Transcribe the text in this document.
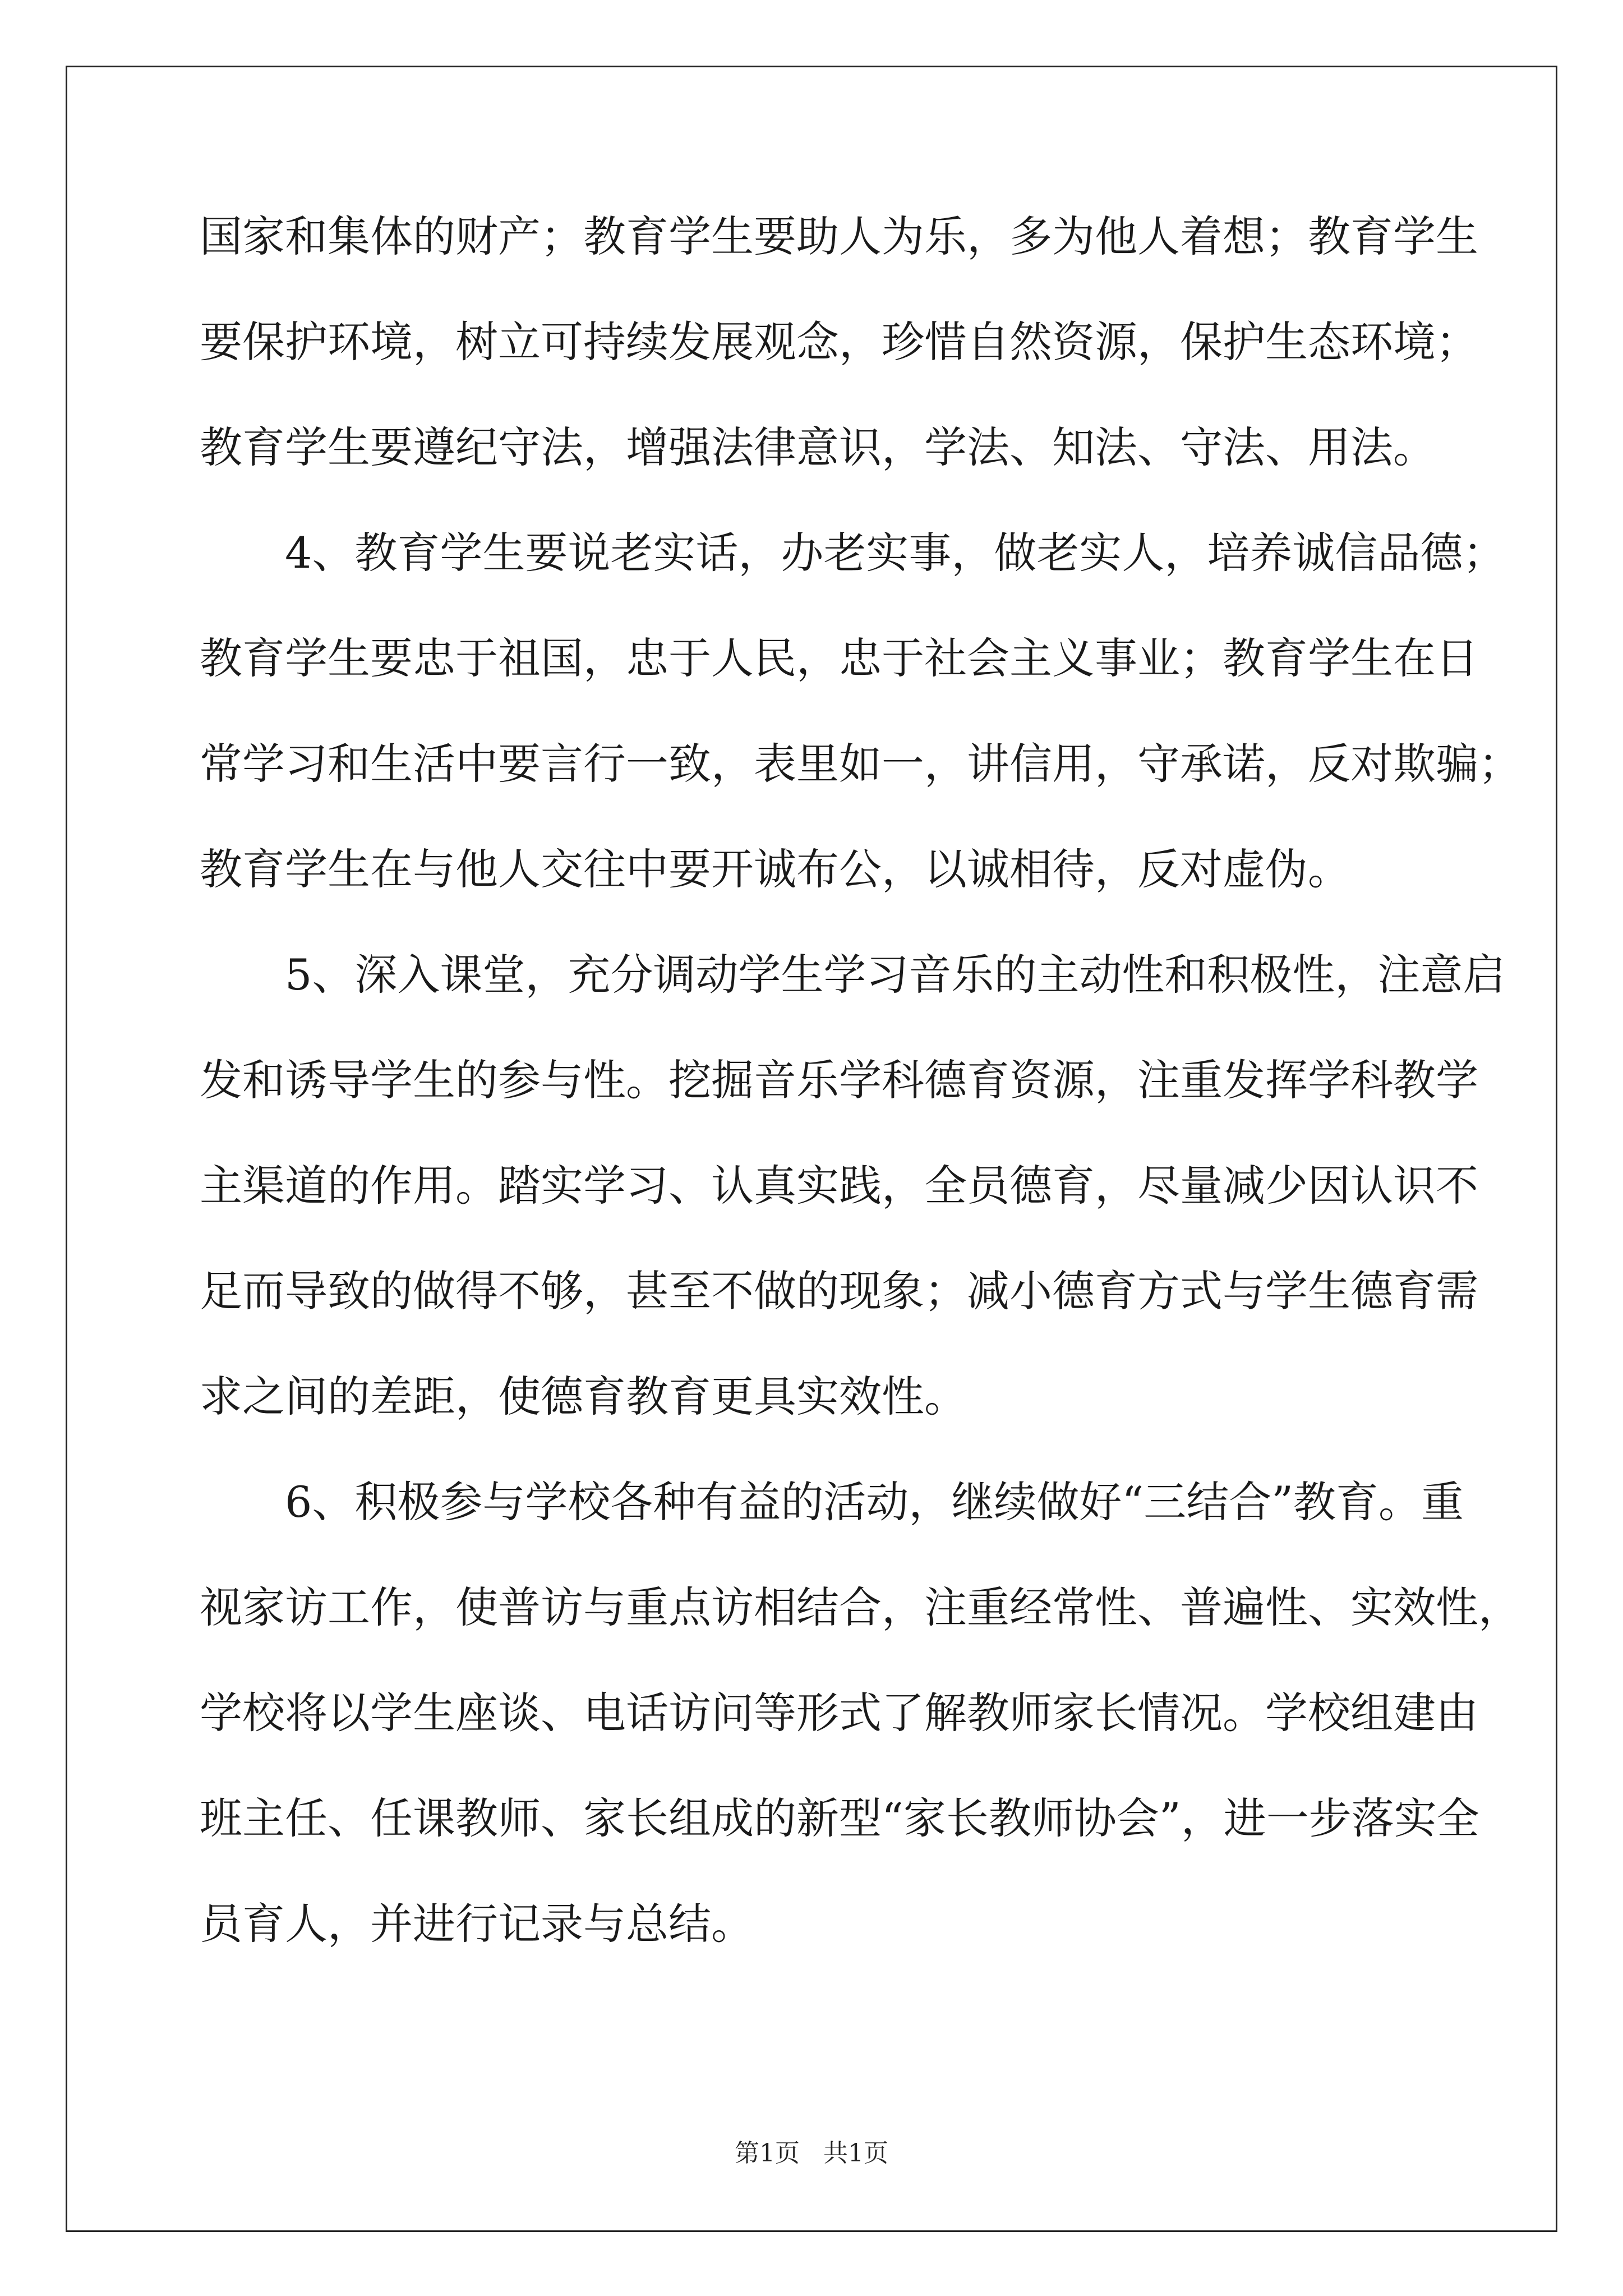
国家和集体的财产；教育学生要助人为乐，多为他人着想；教育学生
要保护环境，树立可持续发展观念，珍惜自然资源，保护生态环境；
教育学生要遵纪守法，增强法律意识，学法、知法、守法、用法。
　　4、教育学生要说老实话，办老实事，做老实人，培养诚信品德；
教育学生要忠于祖国，忠于人民，忠于社会主义事业；教育学生在日
常学习和生活中要言行一致，表里如一，讲信用，守承诺，反对欺骗；
教育学生在与他人交往中要开诚布公，以诚相待，反对虚伪。
　　5、深入课堂，充分调动学生学习音乐的主动性和积极性，注意启
发和诱导学生的参与性。挖掘音乐学科德育资源，注重发挥学科教学
主渠道的作用。踏实学习、认真实践，全员德育，尽量减少因认识不
足而导致的做得不够，甚至不做的现象；减小德育方式与学生德育需
求之间的差距，使德育教育更具实效性。
　　6、积极参与学校各种有益的活动，继续做好“三结合”教育。重
视家访工作，使普访与重点访相结合，注重经常性、普遍性、实效性，
学校将以学生座谈、电话访问等形式了解教师家长情况。学校组建由
班主任、任课教师、家长组成的新型“家长教师协会”，进一步落实全
员育人，并进行记录与总结。
第1页 共1页
